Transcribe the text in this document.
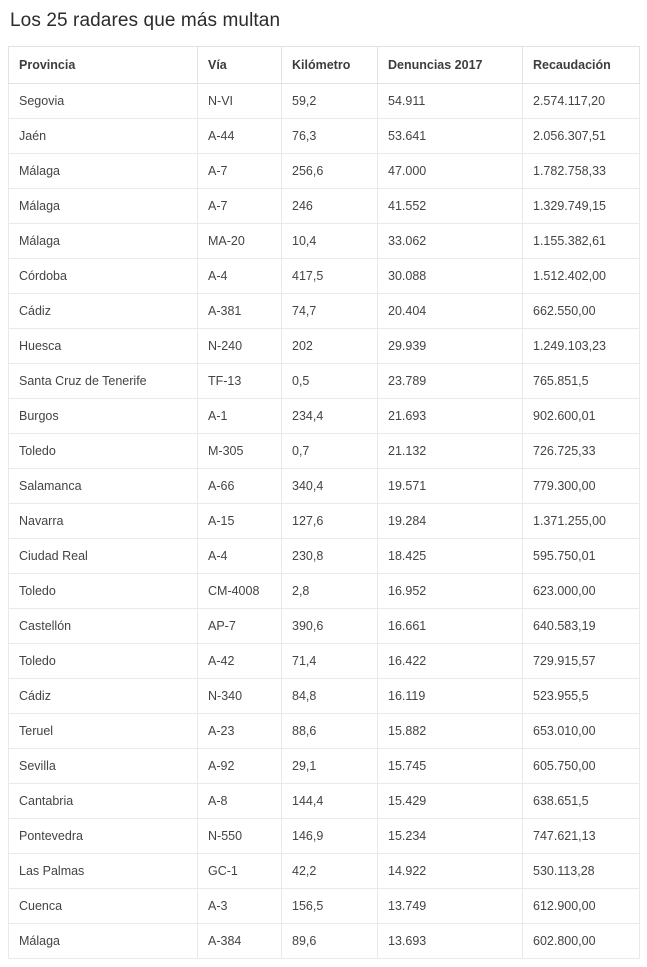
Los 25 radares que más multan
Provincia	Vía	Kilómetro	Denuncias 2017	Recaudación
Segovia	N-VI	59,2	54.911	2.574.117,20
Jaén	A-44	76,3	53.641	2.056.307,51
Málaga	A-7	256,6	47.000	1.782.758,33
Málaga	A-7	246	41.552	1.329.749,15
Málaga	MA-20	10,4	33.062	1.155.382,61
Córdoba	A-4	417,5	30.088	1.512.402,00
Cádiz	A-381	74,7	20.404	662.550,00
Huesca	N-240	202	29.939	1.249.103,23
Santa Cruz de Tenerife	TF-13	0,5	23.789	765.851,5
Burgos	A-1	234,4	21.693	902.600,01
Toledo	M-305	0,7	21.132	726.725,33
Salamanca	A-66	340,4	19.571	779.300,00
Navarra	A-15	127,6	19.284	1.371.255,00
Ciudad Real	A-4	230,8	18.425	595.750,01
Toledo	CM-4008	2,8	16.952	623.000,00
Castellón	AP-7	390,6	16.661	640.583,19
Toledo	A-42	71,4	16.422	729.915,57
Cádiz	N-340	84,8	16.119	523.955,5
Teruel	A-23	88,6	15.882	653.010,00
Sevilla	A-92	29,1	15.745	605.750,00
Cantabria	A-8	144,4	15.429	638.651,5
Pontevedra	N-550	146,9	15.234	747.621,13
Las Palmas	GC-1	42,2	14.922	530.113,28
Cuenca	A-3	156,5	13.749	612.900,00
Málaga	A-384	89,6	13.693	602.800,00
